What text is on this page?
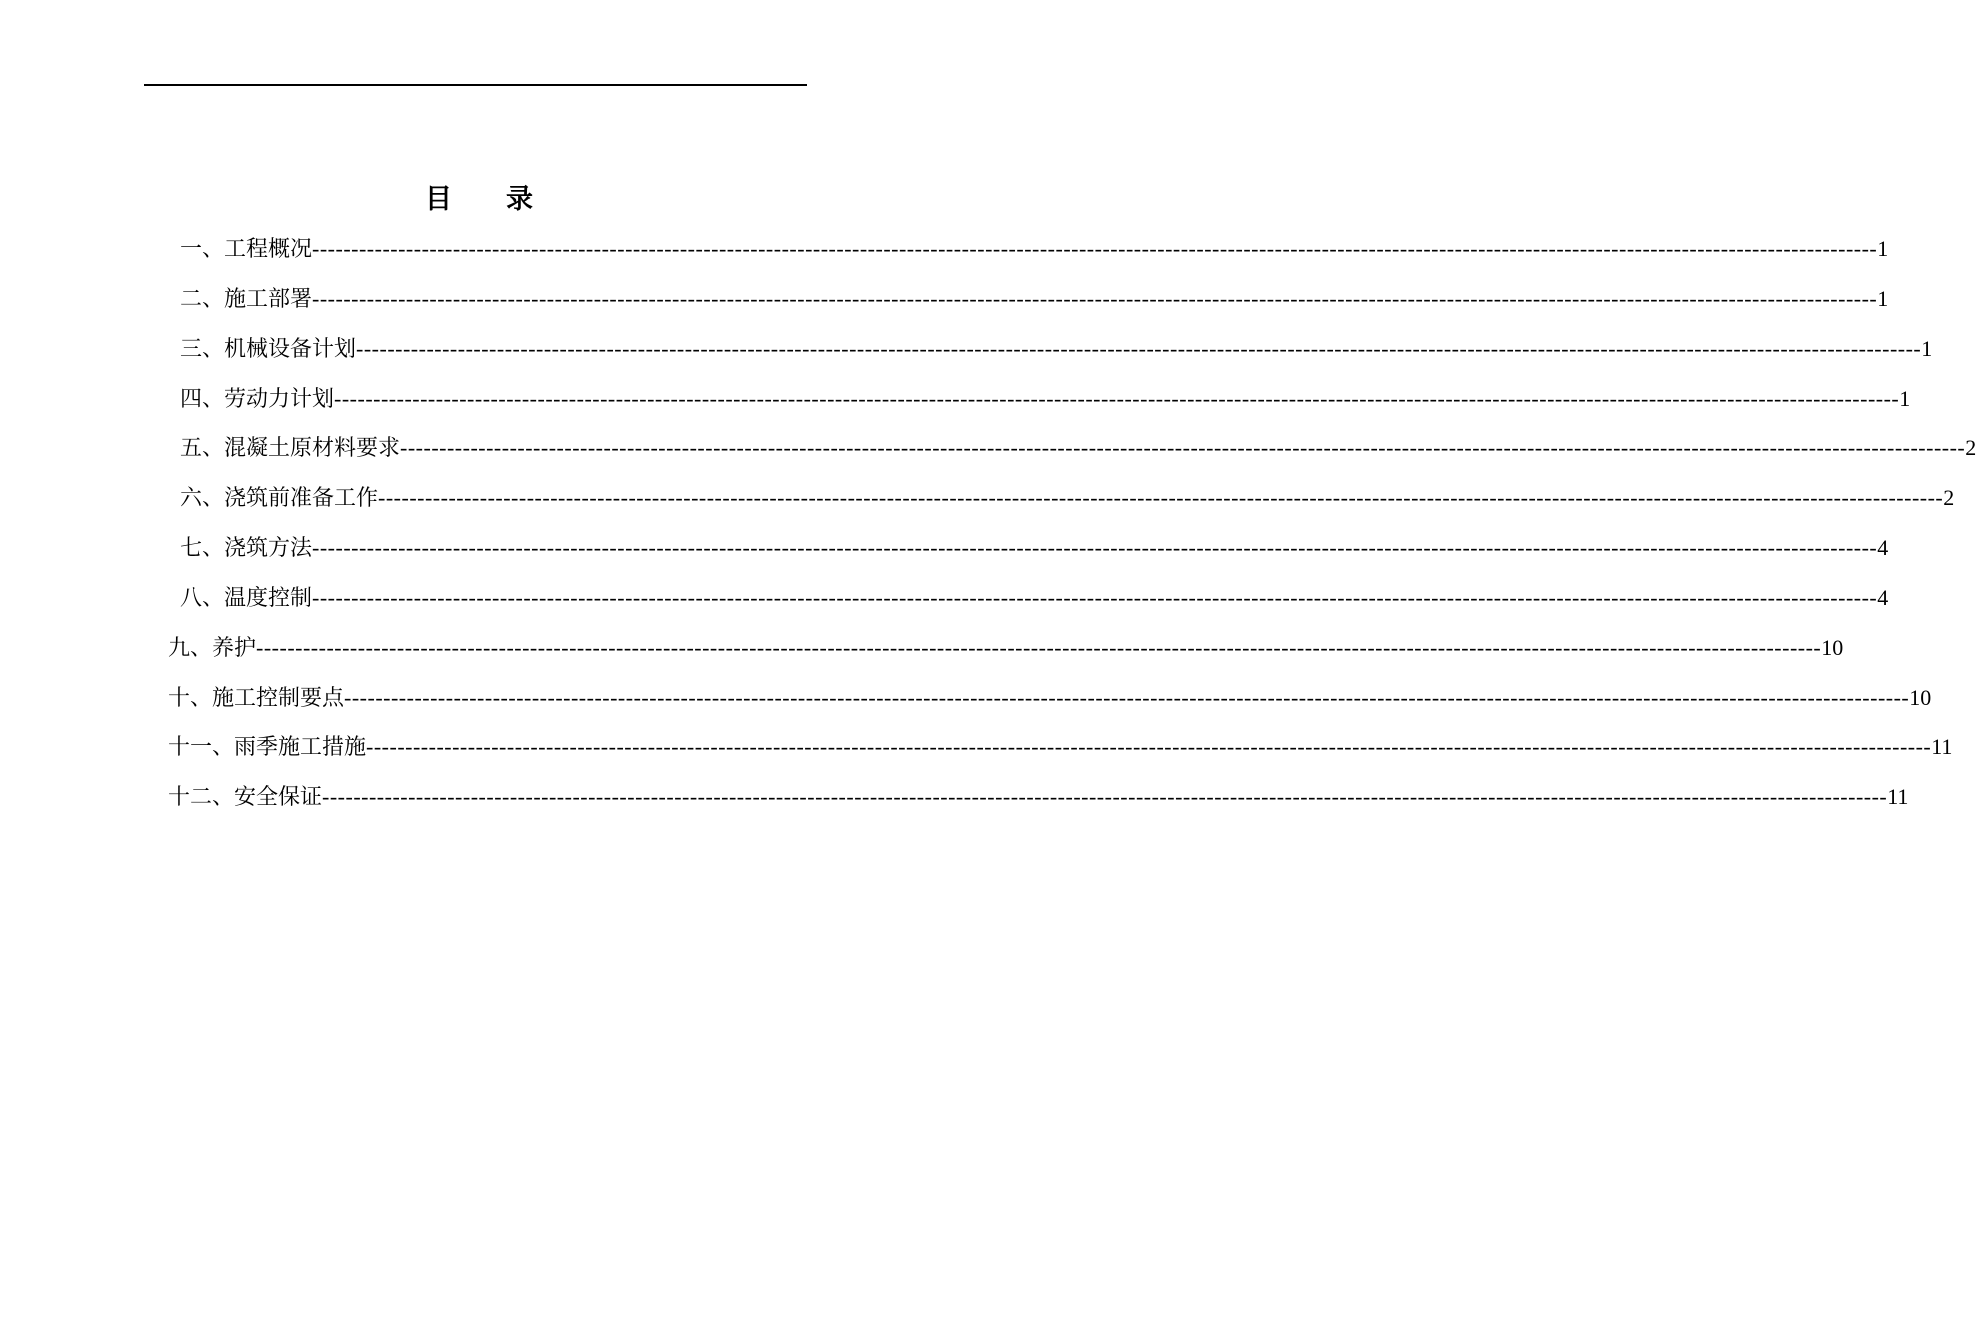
目录
一、工程概况 -------------------------------------------------------------------------------------------------------------------------------------------------------------------------------------------------------- 1
二、施工部署 -------------------------------------------------------------------------------------------------------------------------------------------------------------------------------------------------------- 1
三、机械设备计划 -------------------------------------------------------------------------------------------------------------------------------------------------------------------------------------------------------- 1
四、劳动力计划 -------------------------------------------------------------------------------------------------------------------------------------------------------------------------------------------------------- 1
五、混凝土原材料要求 -------------------------------------------------------------------------------------------------------------------------------------------------------------------------------------------------------- 2
六、浇筑前准备工作 -------------------------------------------------------------------------------------------------------------------------------------------------------------------------------------------------------- 2
七、浇筑方法 -------------------------------------------------------------------------------------------------------------------------------------------------------------------------------------------------------- 4
八、温度控制 -------------------------------------------------------------------------------------------------------------------------------------------------------------------------------------------------------- 4
九、养护 -------------------------------------------------------------------------------------------------------------------------------------------------------------------------------------------------------- 10
十、施工控制要点 -------------------------------------------------------------------------------------------------------------------------------------------------------------------------------------------------------- 10
十一、雨季施工措施 -------------------------------------------------------------------------------------------------------------------------------------------------------------------------------------------------------- 11
十二、安全保证 -------------------------------------------------------------------------------------------------------------------------------------------------------------------------------------------------------- 11
